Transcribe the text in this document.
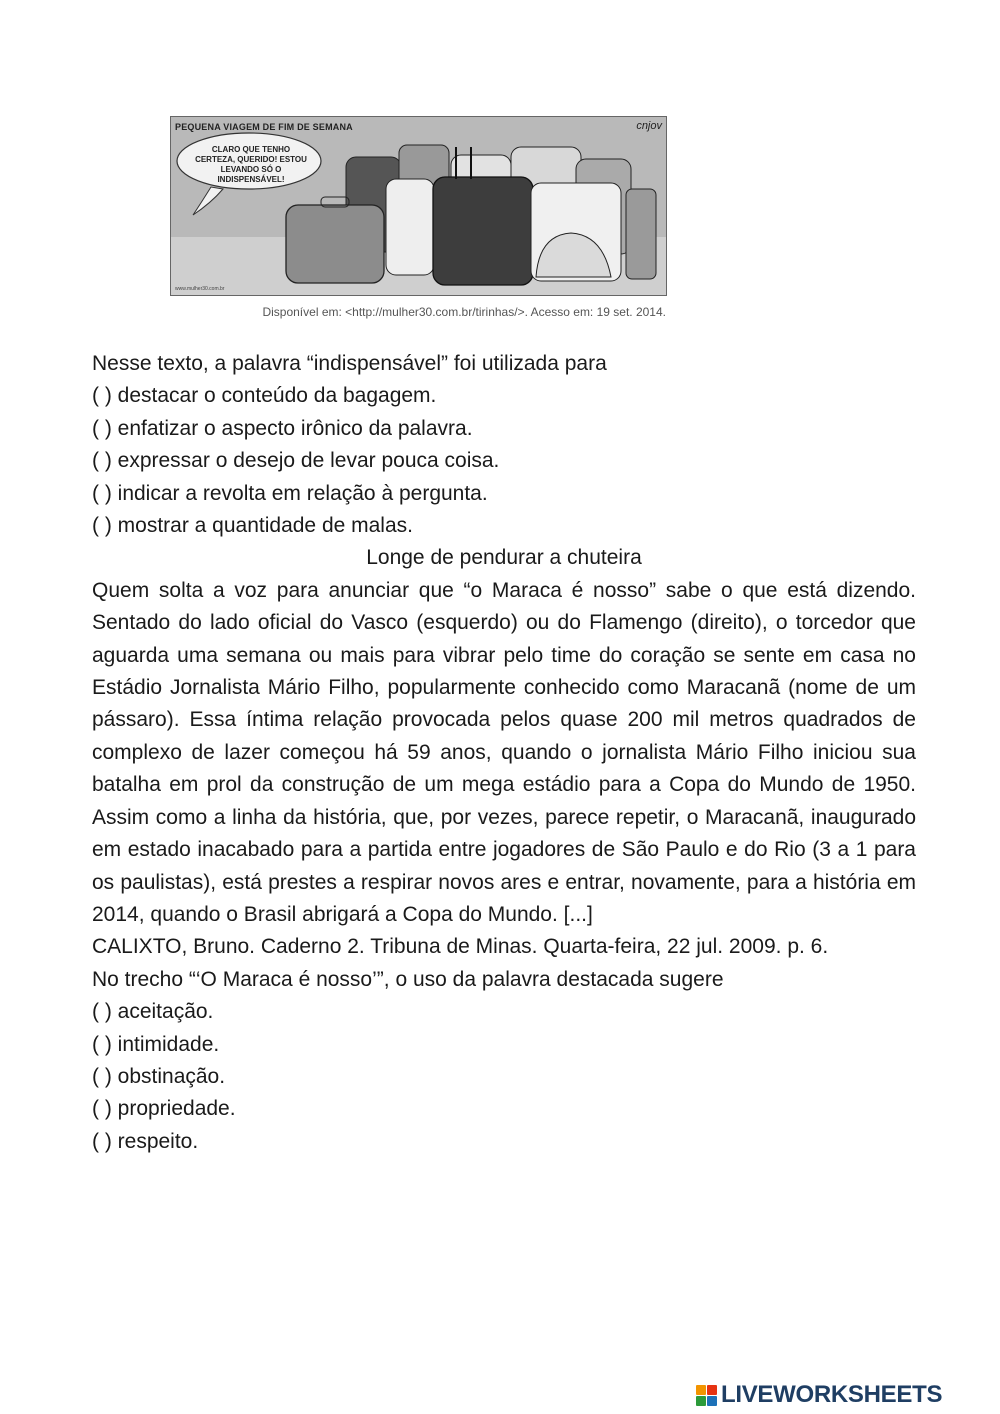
PEQUENA VIAGEM DE FIM DE SEMANA	cnjov
CLARO QUE TENHO CERTEZA, QUERIDO! ESTOU LEVANDO SÓ O INDISPENSÁVEL!
www.mulher30.com.br
Disponível em: <http://mulher30.com.br/tirinhas/>. Acesso em: 19 set. 2014.

Nesse texto, a palavra “indispensável” foi utilizada para

( ) destacar o conteúdo da bagagem.

( ) enfatizar o aspecto irônico da palavra.

( ) expressar o desejo de levar pouca coisa.

( ) indicar a revolta em relação à pergunta.

( ) mostrar a quantidade de malas.

Longe de pendurar a chuteira

Quem solta a voz para anunciar que “o Maraca é nosso” sabe o que está dizendo. Sentado do lado oficial do Vasco (esquerdo) ou do Flamengo (direito), o torcedor que aguarda uma semana ou mais para vibrar pelo time do coração se sente em casa no Estádio Jornalista Mário Filho, popularmente conhecido como Maracanã (nome de um pássaro). Essa íntima relação provocada pelos quase 200 mil metros quadrados de complexo de lazer começou há 59 anos, quando o jornalista Mário Filho iniciou sua batalha em prol da construção de um mega estádio para a Copa do Mundo de 1950. Assim como a linha da história, que, por vezes, parece repetir, o Maracanã, inaugurado em estado inacabado para a partida entre jogadores de São Paulo e do Rio (3 a 1 para os paulistas), está prestes a respirar novos ares e entrar, novamente, para a história em 2014, quando o Brasil abrigará a Copa do Mundo. [...]

CALIXTO, Bruno. Caderno 2. Tribuna de Minas. Quarta-feira, 22 jul. 2009. p. 6.

No trecho “‘O Maraca é nosso’”, o uso da palavra destacada sugere

( ) aceitação.

( ) intimidade.

( ) obstinação.

( ) propriedade.

( ) respeito.

LIVEWORKSHEETS
